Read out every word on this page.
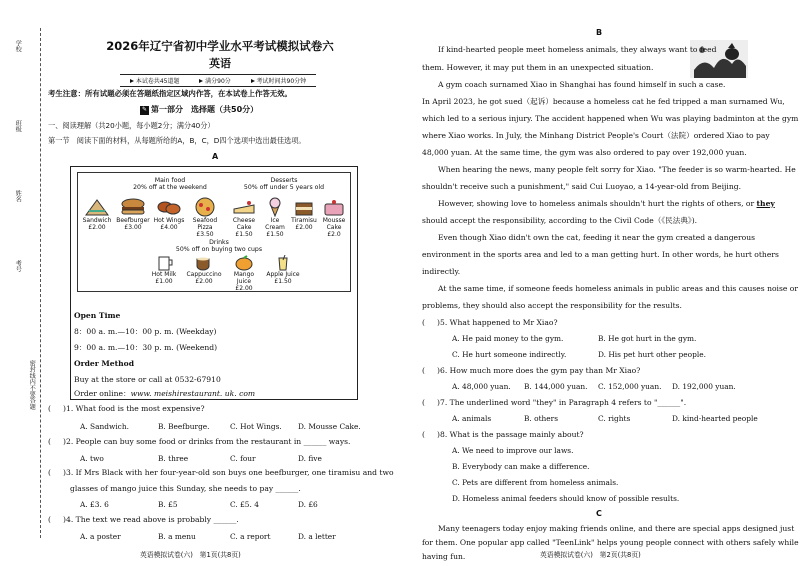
学校
班级
姓名
考号
密封线内不要答题
2026年辽宁省初中学业水平考试模拟试卷六
英语
本试卷共45道题	满分90分	考试时间共90分钟
考生注意：所有试题必须在答题纸指定区域内作答，在本试卷上作答无效。
✎ 第一部分　选择题（共50分）
一、阅读理解（共20小题，每小题2分；满分40分）
第一节　阅读下面的材料，从每题所给的A，B，C，D四个选项中选出最佳选项。
A
Main food
20% off at the weekend
Desserts
50% off under 5 years old
Sandwich
£2.00
Beefburger
£3.00
Hot Wings
£4.00
Seafood Pizza
£3.50
Cheese Cake
£1.50
Ice Cream
£1.50
Tiramisu
£2.00
Mousse Cake
£2.0
Drinks
50% off on buying two cups
Hot Milk
£1.00
Cappuccino
£2.00
Mango Juice
£2.00
Apple Juice
£1.50
Open Time
8：00 a. m.—10：00 p. m. (Weekday)
9：00 a. m.—10：30 p. m. (Weekend)
Order Method
Buy at the store or call at 0532-67910
Order online：www. meishirestaurant. uk. com
(     )1. What food is the most expensive?
A. Sandwich.	B. Beefburge.	C. Hot Wings. D. Mousse Cake.
(     )2. People can buy some food or drinks from the restaurant in ______ ways.
A. two	B. three	C. four	D. five
(     )3. If Mrs Black with her four-year-old son buys one beefburger, one tiramisu and two
glasses of mango juice this Sunday, she needs to pay ______.
A. £3. 6	B. £5	C. £5. 4	D. £6
(     )4. The text we read above is probably ______.
A. a poster	B. a menu	C. a report	D. a letter
英语模拟试卷(六)　第1页(共8页)
B
If kind-hearted people meet homeless animals, they always want to feed
them. However, it may put them in an unexpected situation.
A gym coach surnamed Xiao in Shanghai has found himself in such a case.
In April 2023, he got sued（起诉）because a homeless cat he fed tripped a man surnamed Wu,
which led to a serious injury. The accident happened when Wu was playing badminton at the gym
where Xiao works. In July, the Minhang District People's Court（法院）ordered Xiao to pay
48,000 yuan. At the same time, the gym was also ordered to pay over 192,000 yuan.
When hearing the news, many people felt sorry for Xiao. "The feeder is so warm-hearted. He
shouldn't receive such a punishment," said Cui Luoyao, a 14-year-old from Beijing.
However, showing love to homeless animals shouldn't hurt the rights of others, or they
should accept the responsibility, according to the Civil Code（《民法典》).
Even though Xiao didn't own the cat, feeding it near the gym created a dangerous
environment in the sports area and led to a man getting hurt. In other words, he hurt others
indirectly.
At the same time, if someone feeds homeless animals in public areas and this causes noise or
problems, they should also accept the responsibility for the results.
(     )5. What happened to Mr Xiao?
A. He paid money to the gym.	B. He got hurt in the gym.
C. He hurt someone indirectly.	D. His pet hurt other people.
(     )6. How much more does the gym pay than Mr Xiao?
A. 48,000 yuan. B. 144,000 yuan. C. 152,000 yuan. D. 192,000 yuan.
(     )7. The underlined word "they" in Paragraph 4 refers to "______".
A. animals	B. others	C. rights	D. kind-hearted people
(     )8. What is the passage mainly about?
A. We need to improve our laws.
B. Everybody can make a difference.
C. Pets are different from homeless animals.
D. Homeless animal feeders should know of possible results.
C
Many teenagers today enjoy making friends online, and there are special apps designed just
for them. One popular app called "TeenLink" helps young people connect with others safely while
having fun.	英语模拟试卷(六)　第2页(共8页)
